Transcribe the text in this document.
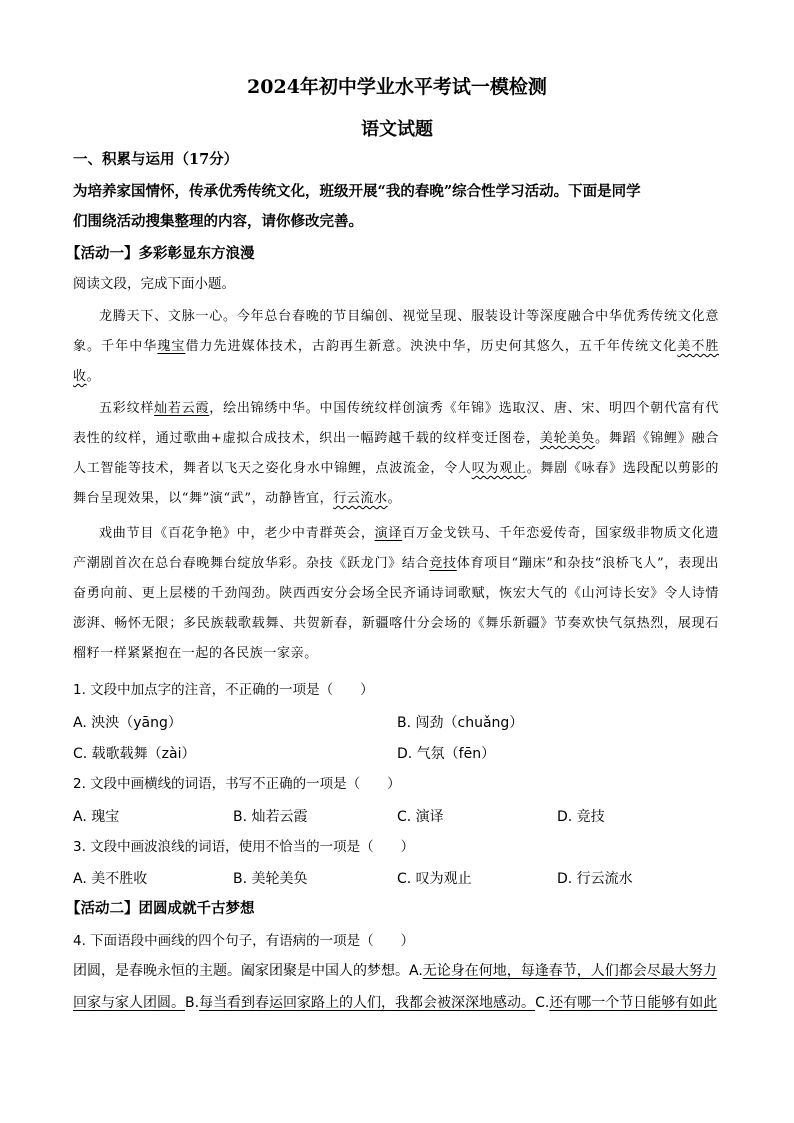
2024年初中学业水平考试一模检测
语文试题
一、积累与运用（17分）
为培养家国情怀，传承优秀传统文化，班级开展“我的春晚”综合性学习活动。下面是同学
们围绕活动搜集整理的内容，请你修改完善。
【活动一】多彩彰显东方浪漫
阅读文段，完成下面小题。
龙腾天下、文脉一心。今年总台春晚的节目编创、视觉呈现、服装设计等深度融合中华优秀传统文化意象。千年中华瑰宝借力先进媒体技术，古韵再生新意。泱泱中华，历史何其悠久，五千年传统文化美不胜收。
五彩纹样灿若云霞，绘出锦绣中华。中国传统纹样创演秀《年锦》选取汉、唐、宋、明四个朝代富有代表性的纹样，通过歌曲+虚拟合成技术，织出一幅跨越千载的纹样变迁图卷，美轮美奂。舞蹈《锦鲤》融合人工智能等技术，舞者以飞天之姿化身水中锦鲤，点波流金，令人叹为观止。舞剧《咏春》选段配以剪影的舞台呈现效果，以“舞”演“武”，动静皆宜，行云流水。
戏曲节目《百花争艳》中，老少中青群英会，演译百万金戈铁马、千年恋爱传奇，国家级非物质文化遗产潮剧首次在总台春晚舞台绽放华彩。杂技《跃龙门》结合竞技体育项目“蹦床”和杂技“浪桥飞人”，表现出奋勇向前、更上层楼的千劲闯劲。陕西西安分会场全民齐诵诗词歌赋，恢宏大气的《山河诗长安》令人诗情澎湃、畅怀无限；多民族载歌载舞、共贺新春，新疆喀什分会场的《舞乐新疆》节奏欢快气氛热烈，展现石榴籽一样紧紧抱在一起的各民族一家亲。
1. 文段中加点字的注音，不正确的一项是（　　）
A. 泱泱（yāng）	B. 闯劲（chuǎng）
C. 载歌载舞（zài）	D. 气氛（fēn）
2. 文段中画横线的词语，书写不正确的一项是（　　）
A. 瑰宝	B. 灿若云霞	C. 演译	D. 竞技
3. 文段中画波浪线的词语，使用不恰当的一项是（　　）
A. 美不胜收	B. 美轮美奂	C. 叹为观止	D. 行云流水
【活动二】团圆成就千古梦想
4. 下面语段中画线的四个句子，有语病的一项是（　　）
团圆，是春晚永恒的主题。阖家团聚是中国人的梦想。A.无论身在何地，每逢春节，人们都会尽最大努力
回家与家人团圆。B.每当看到春运回家路上的人们，我都会被深深地感动。C.还有哪一个节日能够有如此
